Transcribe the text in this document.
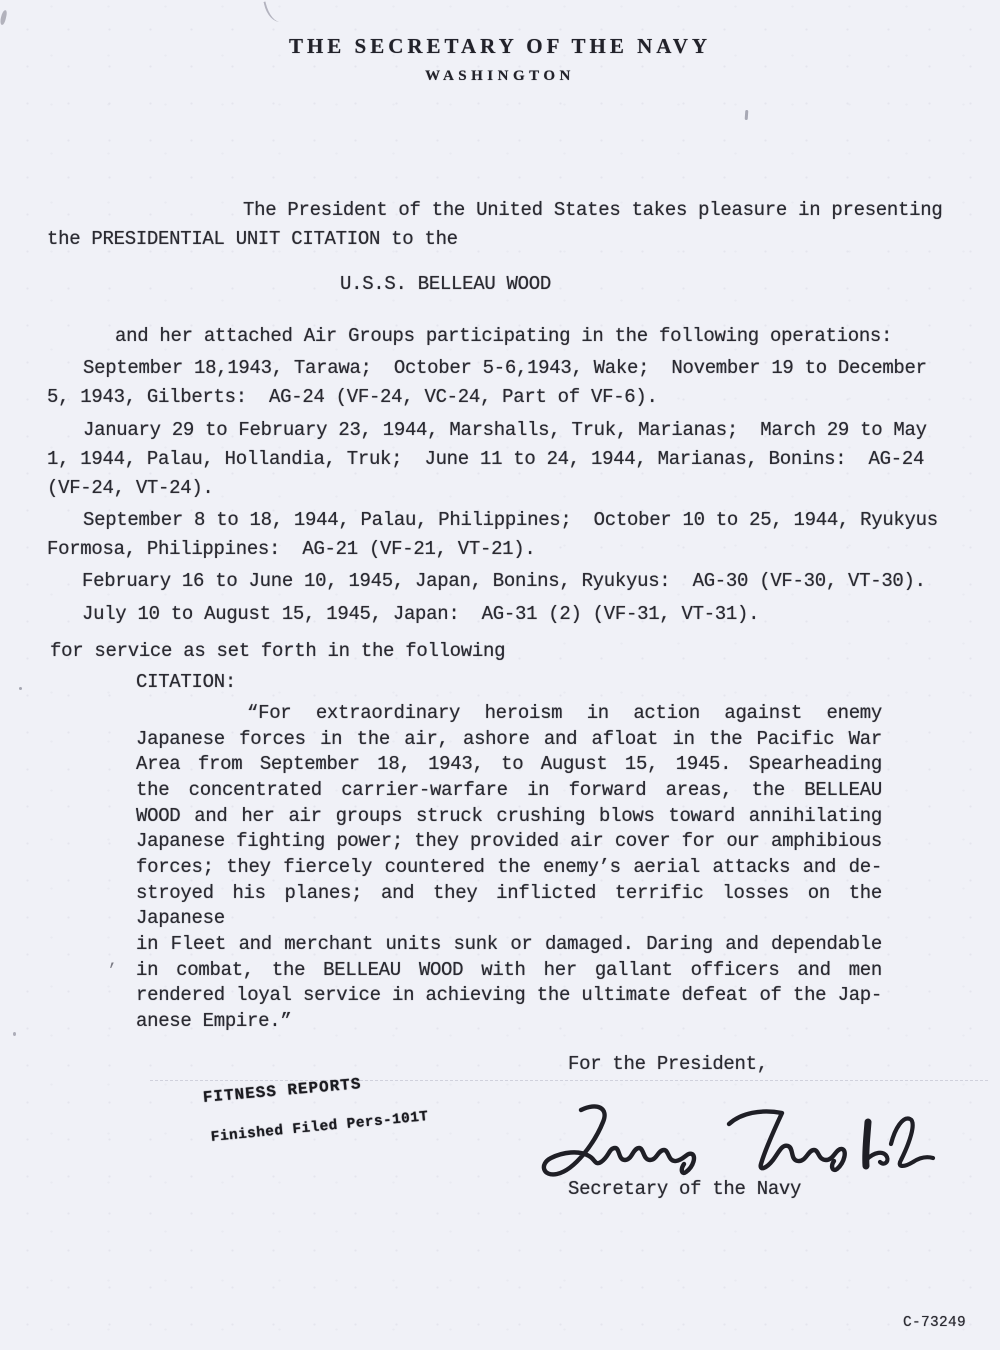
THE SECRETARY OF THE NAVY
WASHINGTON
The President of the United States takes pleasure in presenting
the PRESIDENTIAL UNIT CITATION to the
U.S.S. BELLEAU WOOD
and her attached Air Groups participating in the following operations:
September 18,1943, Tarawa;  October 5-6,1943, Wake;  November 19 to December
5, 1943, Gilberts:  AG-24 (VF-24, VC-24, Part of VF-6).
January 29 to February 23, 1944, Marshalls, Truk, Marianas;  March 29 to May
1, 1944, Palau, Hollandia, Truk;  June 11 to 24, 1944, Marianas, Bonins:  AG-24
(VF-24, VT-24).
September 8 to 18, 1944, Palau, Philippines;  October 10 to 25, 1944, Ryukyus
Formosa, Philippines:  AG-21 (VF-21, VT-21).
February 16 to June 10, 1945, Japan, Bonins, Ryukyus:  AG-30 (VF-30, VT-30).
July 10 to August 15, 1945, Japan:  AG-31 (2) (VF-31, VT-31).
for service as set forth in the following
CITATION:
“For extraordinary heroism in action against enemy
Japanese forces in the air, ashore and afloat in the Pacific War
Area from September 18, 1943, to August 15, 1945. Spearheading
the concentrated carrier-warfare in forward areas, the BELLEAU
WOOD and her air groups struck crushing blows toward annihilating
Japanese fighting power; they provided air cover for our amphibious
forces; they fiercely countered the enemy’s aerial attacks and de-
stroyed his planes; and they inflicted terrific losses on the Japanese
in Fleet and merchant units sunk or damaged. Daring and dependable
in combat, the BELLEAU WOOD with her gallant officers and men
rendered loyal service in achieving the ultimate defeat of the Jap-
anese Empire.”
For the President,
FITNESS REPORTS
Finished Filed Pers-101T
Secretary of the Navy
C-73249
,
